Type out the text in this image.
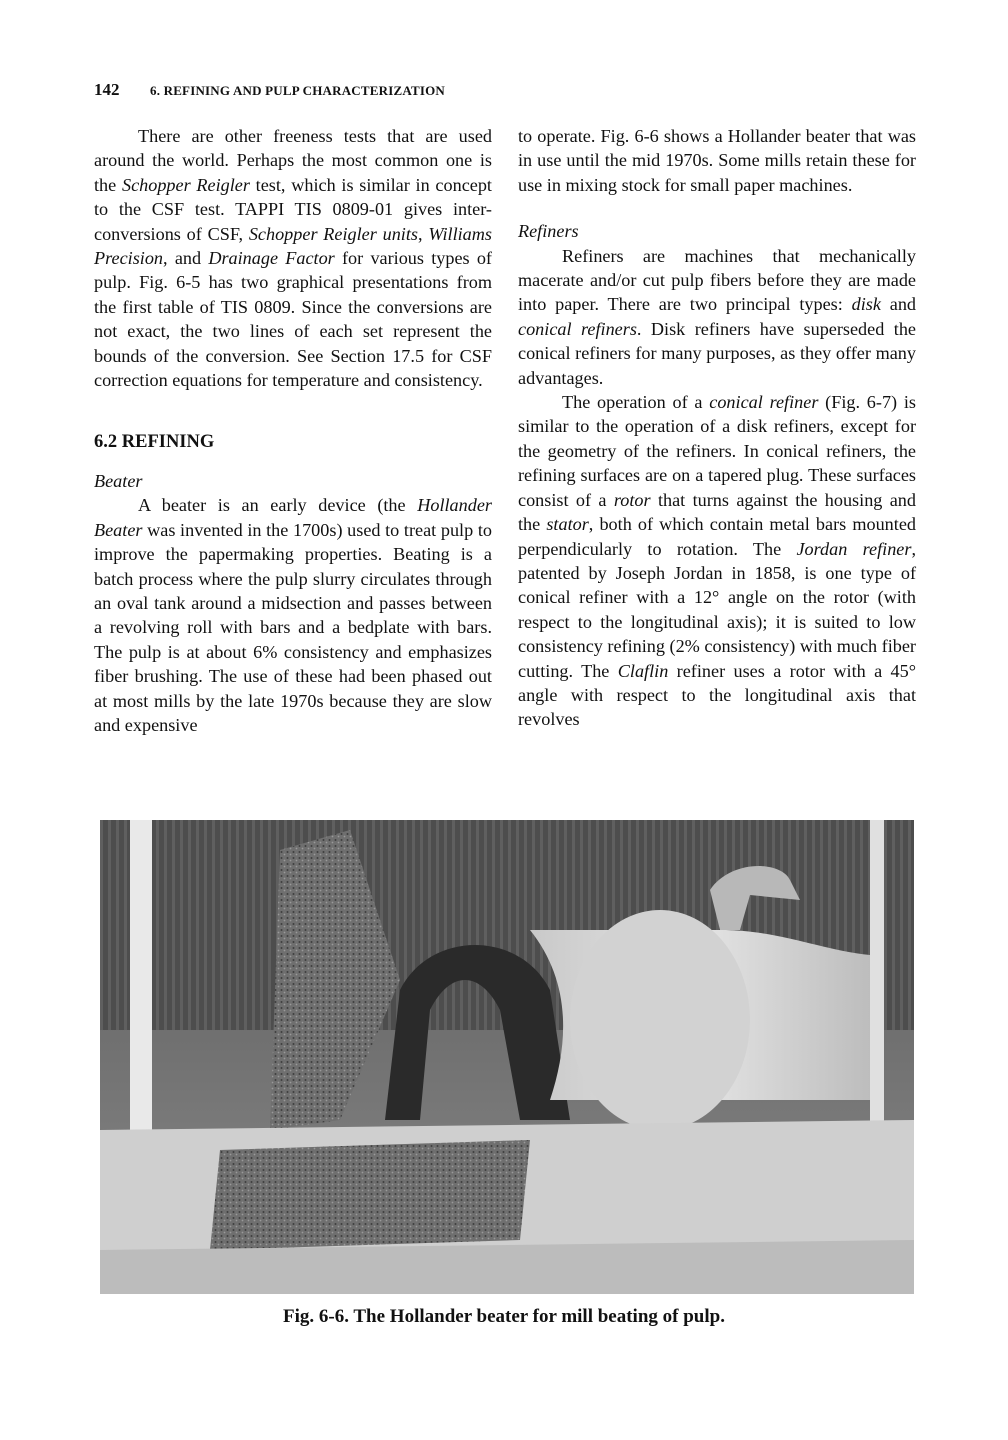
142 6. REFINING AND PULP CHARACTERIZATION

There are other freeness tests that are used around the world. Perhaps the most common one is the Schopper Reigler test, which is similar in concept to the CSF test. TAPPI TIS 0809-01 gives inter-conversions of CSF, Schopper Reigler units, Williams Precision, and Drainage Factor for various types of pulp. Fig. 6-5 has two graphical presentations from the first table of TIS 0809. Since the conversions are not exact, the two lines of each set represent the bounds of the conversion. See Section 17.5 for CSF correction equations for temperature and consistency.

6.2 REFINING
Beater

A beater is an early device (the Hollander Beater was invented in the 1700s) used to treat pulp to improve the papermaking properties. Beating is a batch process where the pulp slurry circulates through an oval tank around a midsection and passes between a revolving roll with bars and a bedplate with bars. The pulp is at about 6% consistency and emphasizes fiber brushing. The use of these had been phased out at most mills by the late 1970s because they are slow and expensive

to operate. Fig. 6-6 shows a Hollander beater that was in use until the mid 1970s. Some mills retain these for use in mixing stock for small paper machines.

Refiners

Refiners are machines that mechanically macerate and/or cut pulp fibers before they are made into paper. There are two principal types: disk and conical refiners. Disk refiners have superseded the conical refiners for many purposes, as they offer many advantages.

The operation of a conical refiner (Fig. 6-7) is similar to the operation of a disk refiners, except for the geometry of the refiners. In conical refiners, the refining surfaces are on a tapered plug. These surfaces consist of a rotor that turns against the housing and the stator, both of which contain metal bars mounted perpendicularly to rotation. The Jordan refiner, patented by Joseph Jordan in 1858, is one type of conical refiner with a 12° angle on the rotor (with respect to the longitudinal axis); it is suited to low consistency refining (2% consistency) with much fiber cutting. The Claflin refiner uses a rotor with a 45° angle with respect to the longitudinal axis that revolves

Fig. 6-6. The Hollander beater for mill beating of pulp.
